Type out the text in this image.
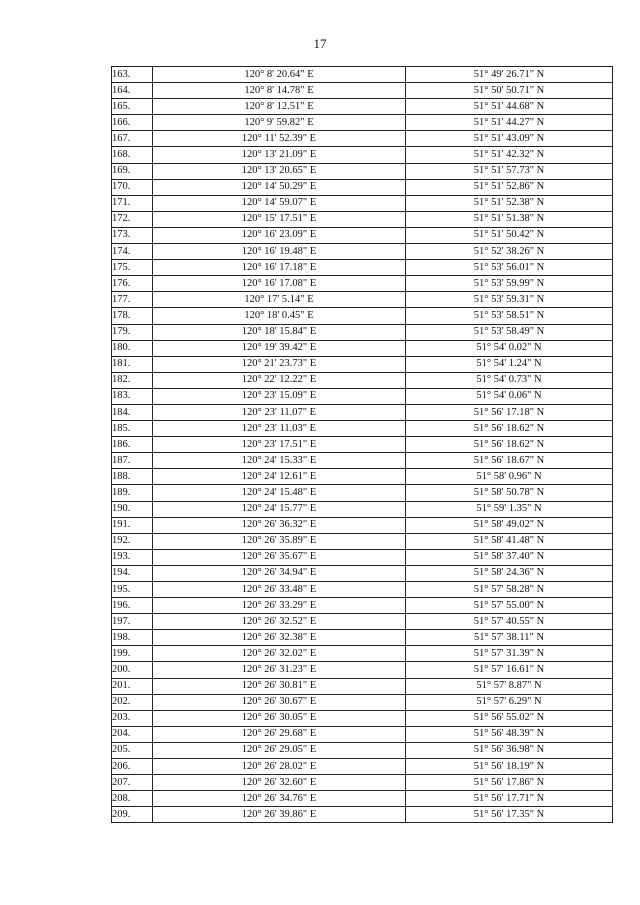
17
163.	120° 8' 20.64" E	51° 49' 26.71" N
164.	120° 8' 14.78" E	51° 50' 50.71" N
165.	120° 8' 12.51" E	51° 51' 44.68" N
166.	120° 9' 59.82" E	51° 51' 44.27" N
167.	120° 11' 52.39" E	51° 51' 43.09" N
168.	120° 13' 21.09" E	51° 51' 42.32" N
169.	120° 13' 20.65" E	51° 51' 57.73" N
170.	120° 14' 50.29" E	51° 51' 52.86" N
171.	120° 14' 59.07" E	51° 51' 52.38" N
172.	120° 15' 17.51" E	51° 51' 51.38" N
173.	120° 16' 23.09" E	51° 51' 50.42" N
174.	120° 16' 19.48" E	51° 52' 38.26" N
175.	120° 16' 17.18" E	51° 53' 56.01" N
176.	120° 16' 17.08" E	51° 53' 59.99" N
177.	120° 17' 5.14" E	51° 53' 59.31" N
178.	120° 18' 0.45" E	51° 53' 58.51" N
179.	120° 18' 15.84" E	51° 53' 58.49" N
180.	120° 19' 39.42" E	51° 54' 0.02" N
181.	120° 21' 23.73" E	51° 54' 1.24" N
182.	120° 22' 12.22" E	51° 54' 0.73" N
183.	120° 23' 15.09" E	51° 54' 0.06" N
184.	120° 23' 11.07" E	51° 56' 17.18" N
185.	120° 23' 11.03" E	51° 56' 18.62" N
186.	120° 23' 17.51" E	51° 56' 18.62" N
187.	120° 24' 15.33" E	51° 56' 18.67" N
188.	120° 24' 12.61" E	51° 58' 0.96" N
189.	120° 24' 15.48" E	51° 58' 50.78" N
190.	120° 24' 15.77" E	51° 59' 1.35" N
191.	120° 26' 36.32" E	51° 58' 49.02" N
192.	120° 26' 35.89" E	51° 58' 41.48" N
193.	120° 26' 35.67" E	51° 58' 37.40" N
194.	120° 26' 34.94" E	51° 58' 24.36" N
195.	120° 26' 33.48" E	51° 57' 58.28" N
196.	120° 26' 33.29" E	51° 57' 55.00" N
197.	120° 26' 32.52" E	51° 57' 40.55" N
198.	120° 26' 32.38" E	51° 57' 38.11" N
199.	120° 26' 32.02" E	51° 57' 31.39" N
200.	120° 26' 31.23" E	51° 57' 16.61" N
201.	120° 26' 30.81" E	51° 57' 8.87" N
202.	120° 26' 30.67" E	51° 57' 6.29" N
203.	120° 26' 30.05" E	51° 56' 55.02" N
204.	120° 26' 29.68" E	51° 56' 48.39" N
205.	120° 26' 29.05" E	51° 56' 36.98" N
206.	120° 26' 28.02" E	51° 56' 18.19" N
207.	120° 26' 32.60" E	51° 56' 17.86" N
208.	120° 26' 34.76" E	51° 56' 17.71" N
209.	120° 26' 39.86" E	51° 56' 17.35" N
